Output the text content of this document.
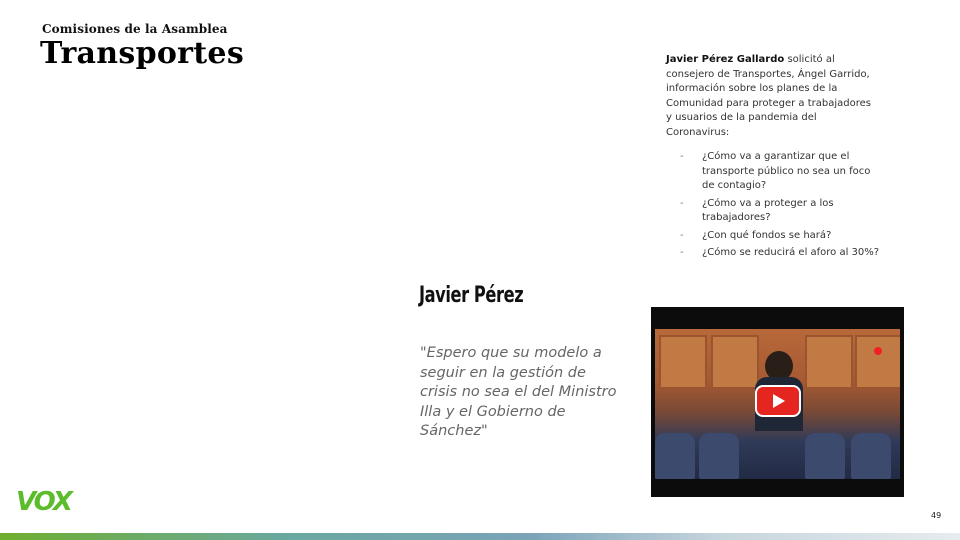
Comisiones de la Asamblea
Transportes	Javier Pérez Gallardo solicitó al consejero de Transportes, Ángel Garrido, información sobre los planes de la Comunidad para proteger a trabajadores y usuarios de la pandemia del Coronavirus:
- ¿Cómo va a garantizar que el transporte público no sea un foco de contagio?
- ¿Cómo va a proteger a los trabajadores?
- ¿Con qué fondos se hará?
- ¿Cómo se reducirá el aforo al 30%?
Javier Pérez
"Espero que su modelo a seguir en la gestión de crisis no sea el del Ministro Illa y el Gobierno de Sánchez"
VOX	49
